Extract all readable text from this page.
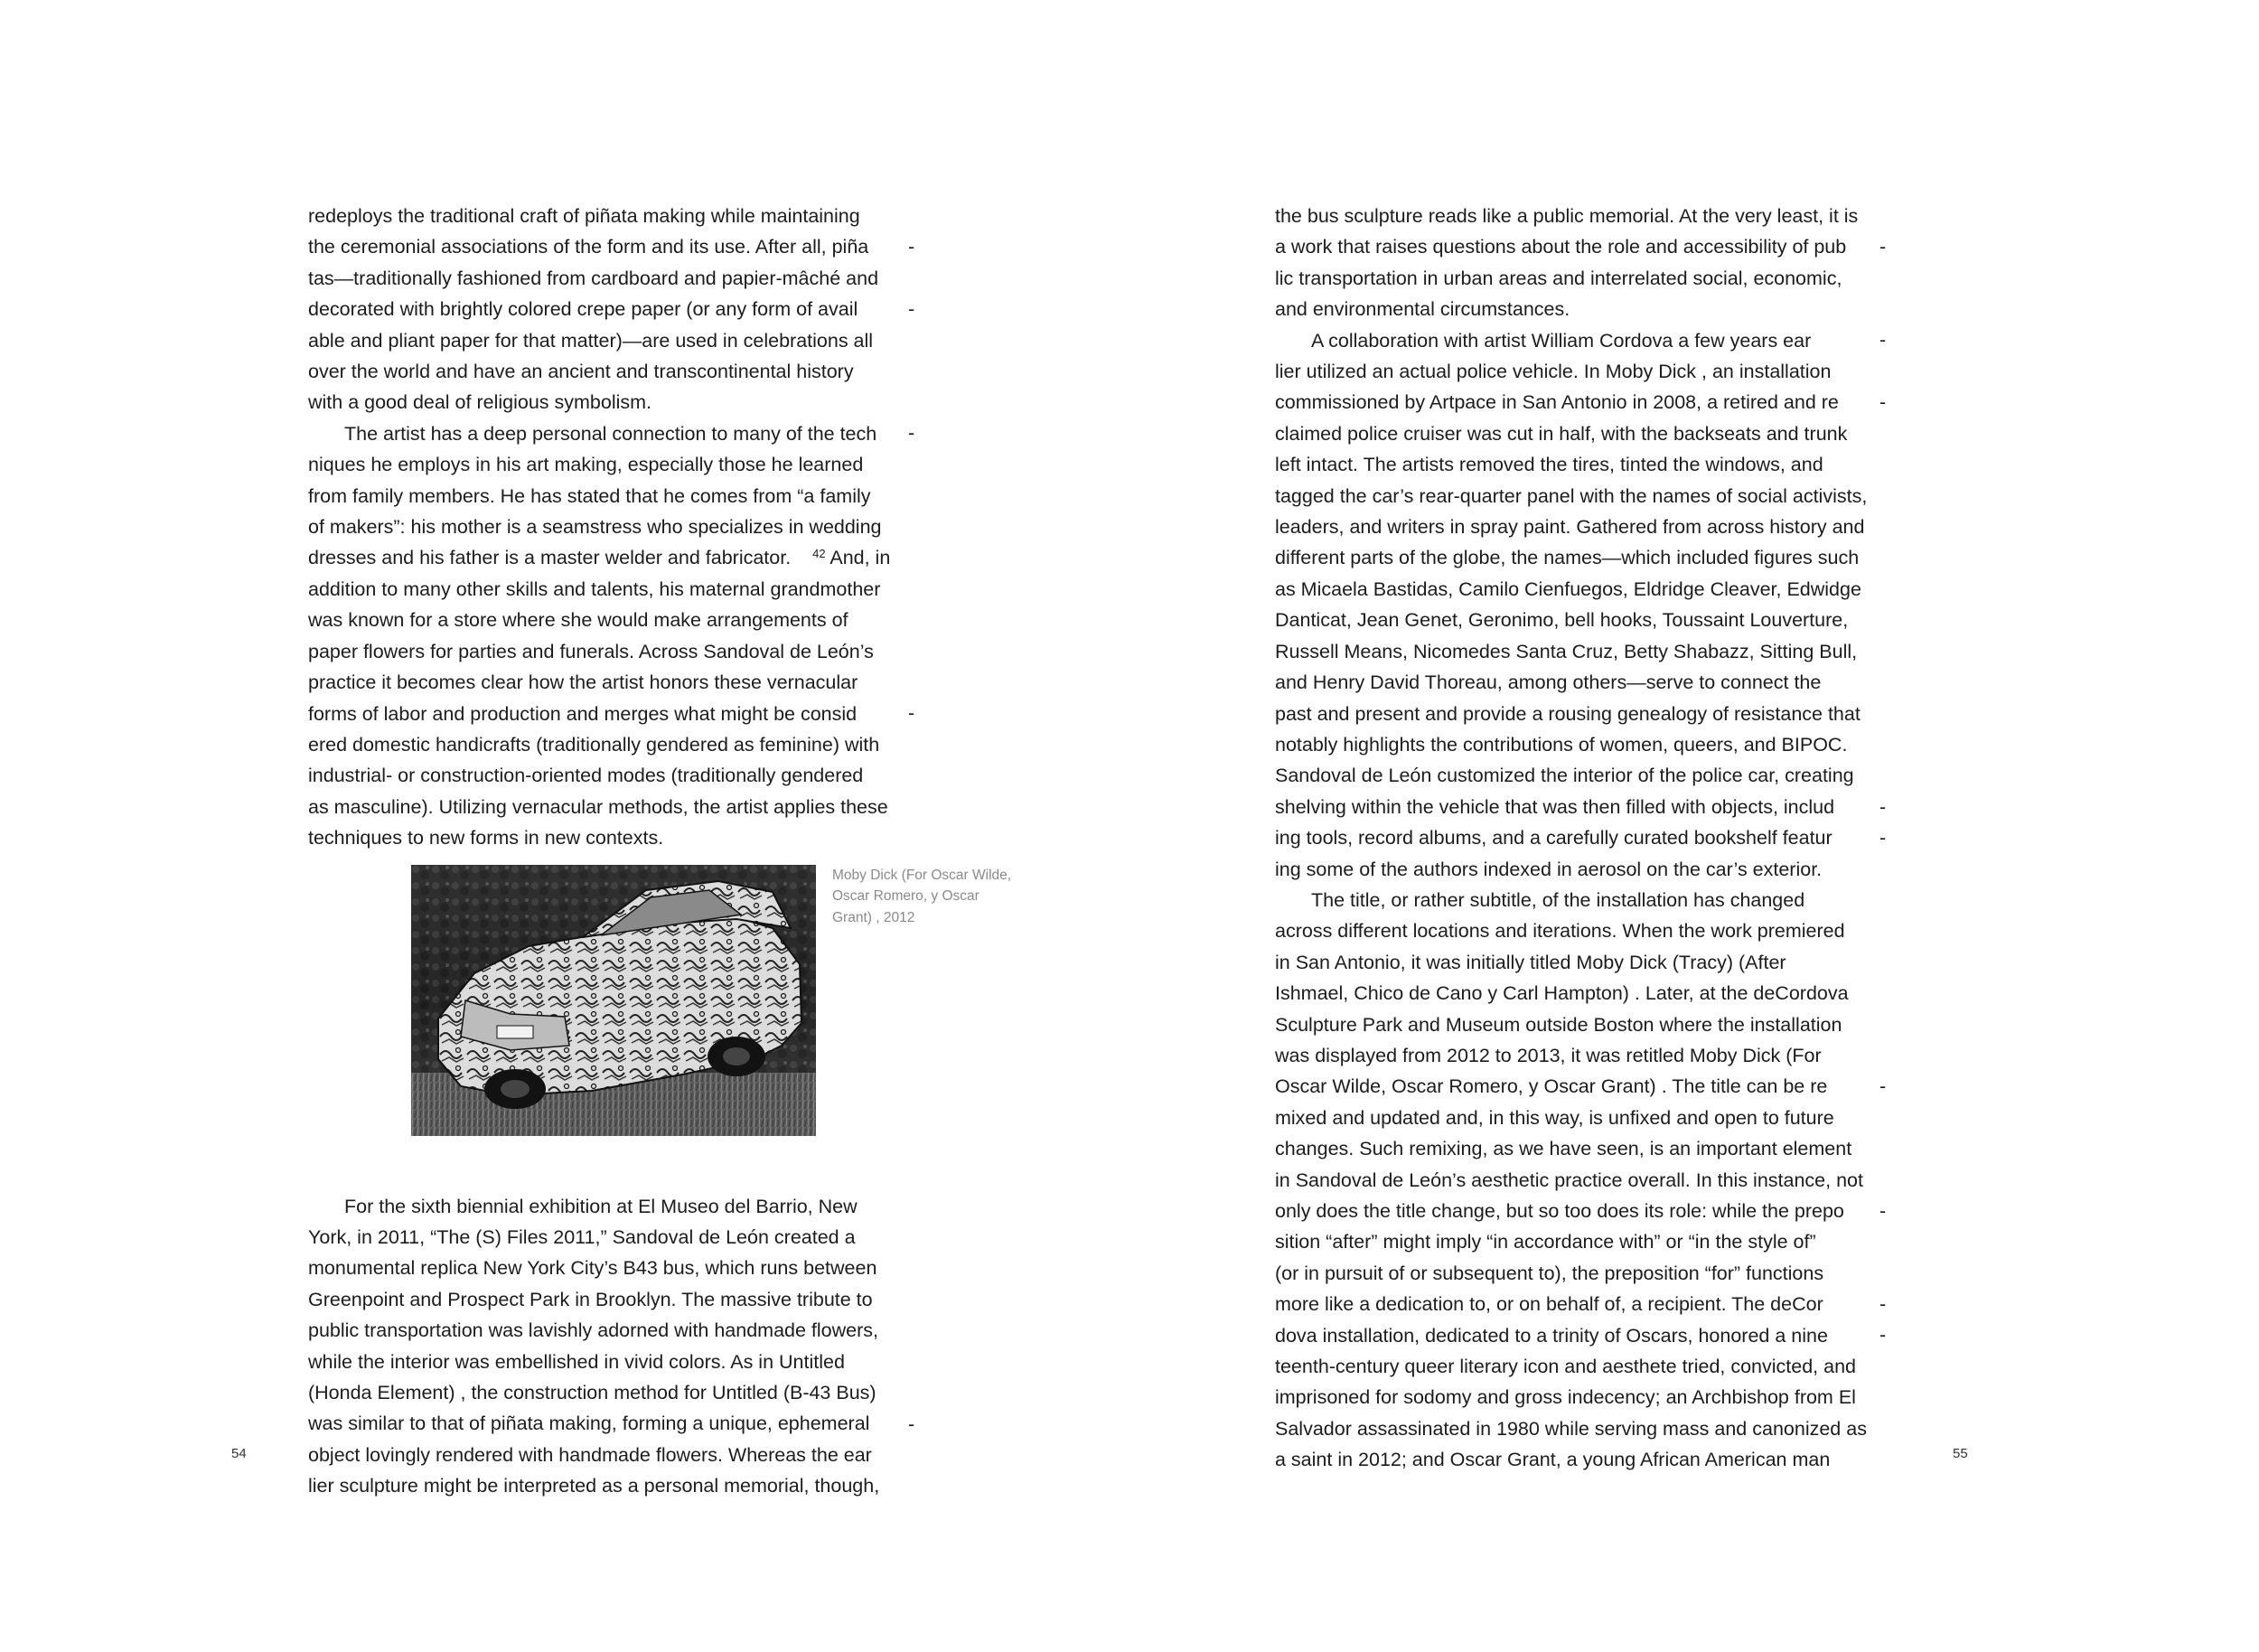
redeploys the traditional craft of piñata making while maintaining
the ceremonial associations of the form and its use. After all, piña
tas—traditionally fashioned from cardboard and papier-mâché and
decorated with brightly colored crepe paper (or any form of avail
able and pliant paper for that matter)—are used in celebrations all
over the world and have an ancient and transcontinental history
with a good deal of religious symbolism.
The artist has a deep personal connection to many of the tech
niques he employs in his art making, especially those he learned
from family members. He has stated that he comes from “a family
of makers”: his mother is a seamstress who specializes in wedding
dresses and his father is a master welder and fabricator. $^{42}$ And, in
addition to many other skills and talents, his maternal grandmother
was known for a store where she would make arrangements of
paper flowers for parties and funerals. Across Sandoval de León’s
practice it becomes clear how the artist honors these vernacular
forms of labor and production and merges what might be consid
ered domestic handicrafts (traditionally gendered as feminine) with
industrial- or construction-oriented modes (traditionally gendered
as masculine). Utilizing vernacular methods, the artist applies these
techniques to new forms in new contexts.
Moby Dick (For Oscar Wilde,
Oscar Romero, y Oscar
Grant) , 2012
For the sixth biennial exhibition at El Museo del Barrio, New
York, in 2011, “The (S) Files 2011,” Sandoval de León created a
monumental replica New York City’s B43 bus, which runs between
Greenpoint and Prospect Park in Brooklyn. The massive tribute to
public transportation was lavishly adorned with handmade flowers,
while the interior was embellished in vivid colors. As in Untitled
(Honda Element) , the construction method for Untitled (B-43 Bus)
was similar to that of piñata making, forming a unique, ephemeral
object lovingly rendered with handmade flowers. Whereas the ear
lier sculpture might be interpreted as a personal memorial, though,
-
-
-
-
-
54
the bus sculpture reads like a public memorial. At the very least, it is
a work that raises questions about the role and accessibility of pub
lic transportation in urban areas and interrelated social, economic,
and environmental circumstances.
A collaboration with artist William Cordova a few years ear
lier utilized an actual police vehicle. In Moby Dick , an installation
commissioned by Artpace in San Antonio in 2008, a retired and re
claimed police cruiser was cut in half, with the backseats and trunk
left intact. The artists removed the tires, tinted the windows, and
tagged the car’s rear-quarter panel with the names of social activists,
leaders, and writers in spray paint. Gathered from across history and
different parts of the globe, the names—which included figures such
as Micaela Bastidas, Camilo Cienfuegos, Eldridge Cleaver, Edwidge
Danticat, Jean Genet, Geronimo, bell hooks, Toussaint Louverture,
Russell Means, Nicomedes Santa Cruz, Betty Shabazz, Sitting Bull,
and Henry David Thoreau, among others—serve to connect the
past and present and provide a rousing genealogy of resistance that
notably highlights the contributions of women, queers, and BIPOC.
Sandoval de León customized the interior of the police car, creating
shelving within the vehicle that was then filled with objects, includ
ing tools, record albums, and a carefully curated bookshelf featur
ing some of the authors indexed in aerosol on the car’s exterior.
The title, or rather subtitle, of the installation has changed
across different locations and iterations. When the work premiered
in San Antonio, it was initially titled Moby Dick (Tracy) (After
Ishmael, Chico de Cano y Carl Hampton) . Later, at the deCordova
Sculpture Park and Museum outside Boston where the installation
was displayed from 2012 to 2013, it was retitled Moby Dick (For
Oscar Wilde, Oscar Romero, y Oscar Grant) . The title can be re
mixed and updated and, in this way, is unfixed and open to future
changes. Such remixing, as we have seen, is an important element
in Sandoval de León’s aesthetic practice overall. In this instance, not
only does the title change, but so too does its role: while the prepo
sition “after” might imply “in accordance with” or “in the style of”
(or in pursuit of or subsequent to), the preposition “for” functions
more like a dedication to, or on behalf of, a recipient. The deCor
dova installation, dedicated to a trinity of Oscars, honored a nine
teenth-century queer literary icon and aesthete tried, convicted, and
imprisoned for sodomy and gross indecency; an Archbishop from El
Salvador assassinated in 1980 while serving mass and canonized as
a saint in 2012; and Oscar Grant, a young African American man
-
-
-
-
-
-
-
-
-
55
